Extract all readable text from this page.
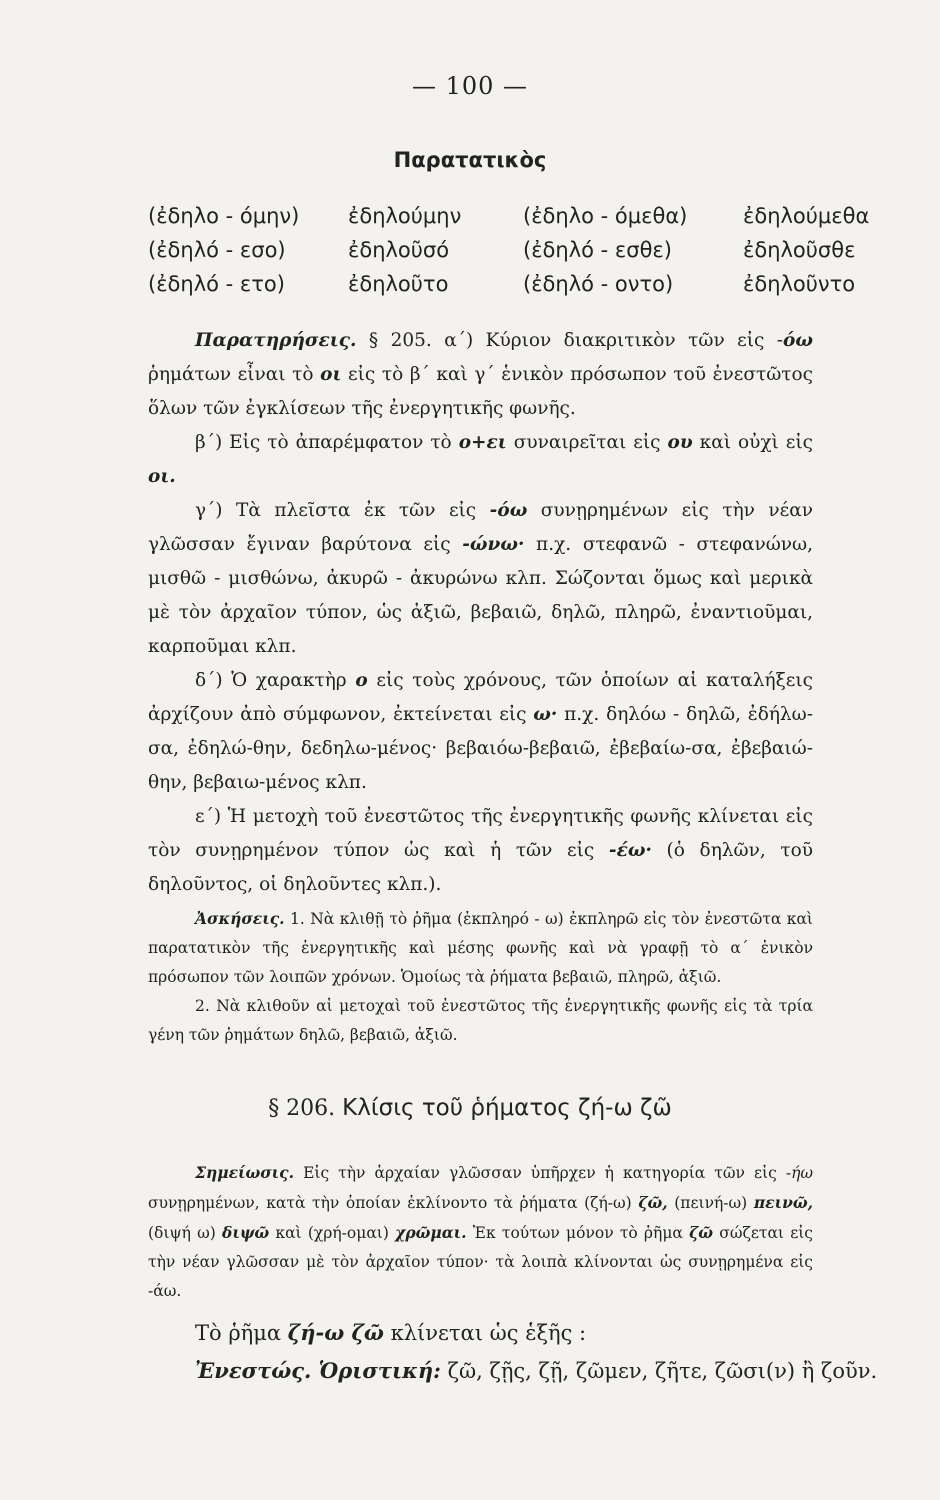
— 100 —
Παρατατικὸς
(ἐδηλο - όμην) ἐδηλούμην	(ἐδηλο - όμεθα)	ἐδηλούμεθα
(ἐδηλό - εσο)	ἐδηλοῦσό	(ἐδηλό - εσθε)	ἐδηλοῦσθε
(ἐδηλό - ετο)	ἐδηλοῦτο	(ἐδηλό - οντο)	ἐδηλοῦντο

Παρατηρήσεις. § 205. α΄) Κύριον διακριτικὸν τῶν εἰς -όω ῥημάτων εἶναι τὸ οι εἰς τὸ β΄ καὶ γ΄ ἑνικὸν πρόσωπον τοῦ ἐνεστῶτος ὅλων τῶν ἐγκλίσεων τῆς ἐνεργητικῆς φωνῆς.

β΄) Εἰς τὸ ἀπαρέμφατον τὸ ο+ει συναιρεῖται εἰς ου καὶ οὐχὶ εἰς οι.

γ΄) Τὰ πλεῖστα ἐκ τῶν εἰς -όω συνῃρημένων εἰς τὴν νέαν γλῶσσαν ἔγιναν βαρύτονα εἰς -ώνω· π.χ. στεφανῶ - στεφανώνω, μισθῶ - μισθώνω, ἀκυρῶ - ἀκυρώνω κλπ. Σώζονται ὅμως καὶ μερικὰ μὲ τὸν ἀρχαῖον τύπον, ὡς ἀξιῶ, βεβαιῶ, δηλῶ, πληρῶ, ἐναντιοῦμαι, καρποῦμαι κλπ.

δ΄) Ὁ χαρακτὴρ ο εἰς τοὺς χρόνους, τῶν ὁποίων αἱ καταλήξεις ἀρχίζουν ἀπὸ σύμφωνον, ἐκτείνεται εἰς ω· π.χ. δηλόω - δηλῶ, ἐδήλω-σα, ἐδηλώ-θην, δεδηλω-μένος· βεβαιόω-βεβαιῶ, ἐβεβαίω-σα, ἐβεβαιώ-θην, βεβαιω-μένος κλπ.

ε΄) Ἡ μετοχὴ τοῦ ἐνεστῶτος τῆς ἐνεργητικῆς φωνῆς κλίνεται εἰς τὸν συνῃρημένον τύπον ὡς καὶ ἡ τῶν εἰς -έω· (ὁ δηλῶν, τοῦ δηλοῦντος, οἱ δηλοῦντες κλπ.).

Ἀσκήσεις. 1. Νὰ κλιθῇ τὸ ῥῆμα (ἐκπληρό - ω) ἐκπληρῶ εἰς τὸν ἐνεστῶτα καὶ παρατατικὸν τῆς ἐνεργητικῆς καὶ μέσης φωνῆς καὶ νὰ γραφῇ τὸ α΄ ἑνικὸν πρόσωπον τῶν λοιπῶν χρόνων. Ὁμοίως τὰ ῥήματα βεβαιῶ, πληρῶ, ἀξιῶ.

2. Νὰ κλιθοῦν αἱ μετοχαὶ τοῦ ἐνεστῶτος τῆς ἐνεργητικῆς φωνῆς εἰς τὰ τρία γένη τῶν ῥημάτων δηλῶ, βεβαιῶ, ἀξιῶ.

§ 206. Κλίσις τοῦ ῥήματος ζή-ω ζῶ

Σημείωσις. Εἰς τὴν ἀρχαίαν γλῶσσαν ὑπῆρχεν ἡ κατηγορία τῶν εἰς -ήω συνῃρημένων, κατὰ τὴν ὁποίαν ἐκλίνοντο τὰ ῥήματα (ζή-ω) ζῶ, (πεινή-ω) πεινῶ, (διψή ω) διψῶ καὶ (χρή-ομαι) χρῶμαι. Ἐκ τούτων μόνον τὸ ῥῆμα ζῶ σώζεται εἰς τὴν νέαν γλῶσσαν μὲ τὸν ἀρχαῖον τύπον· τὰ λοιπὰ κλίνονται ὡς συνῃρημένα εἰς -άω.

Τὸ ῥῆμα ζή-ω ζῶ κλίνεται ὡς ἑξῆς :

Ἐνεστώς. Ὁριστική: ζῶ, ζῇς, ζῇ, ζῶμεν, ζῆτε, ζῶσι(ν) ἢ ζοῦν.
